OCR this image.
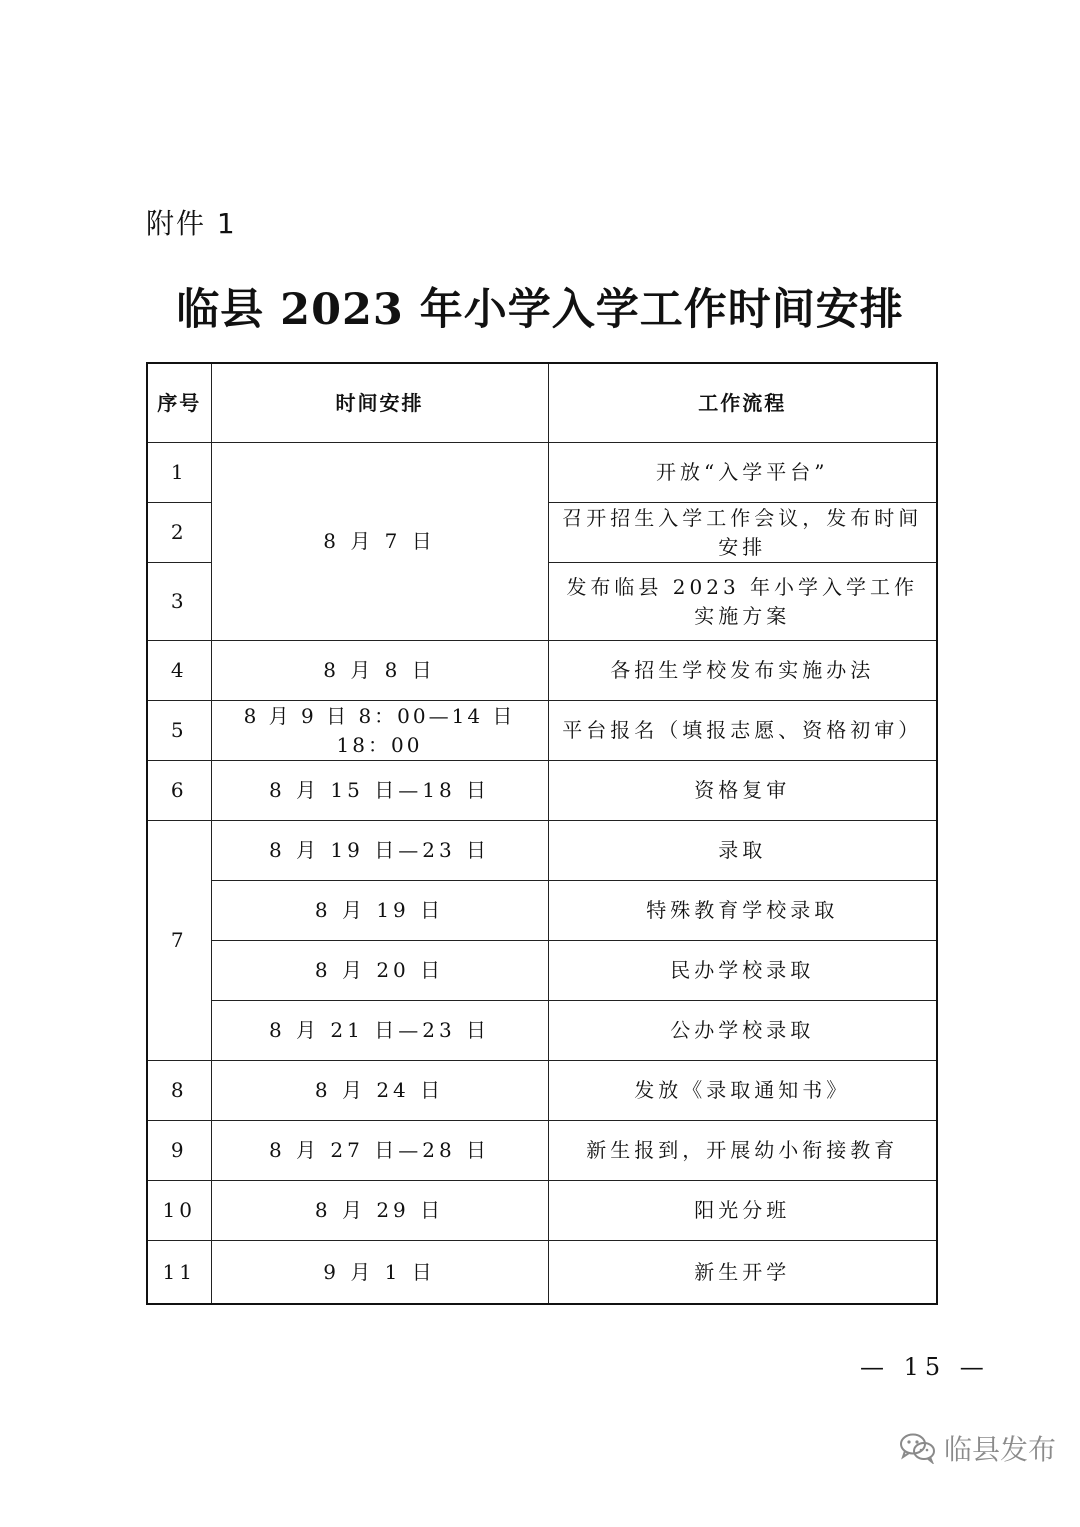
附件 1
临县 2023 年小学入学工作时间安排
序号	时间安排	工作流程
1	8 月 7 日	开放“入学平台”
2		召开招生入学工作会议，发布时间安排
3		发布临县 2023 年小学入学工作实施方案
4	8 月 8 日	各招生学校发布实施办法
5	8 月 9 日 8：00—14 日 18：00	平台报名（填报志愿、资格初审）
6	8 月 15 日—18 日	资格复审
7	8 月 19 日—23 日	录取
	8 月 19 日	特殊教育学校录取
	8 月 20 日	民办学校录取
	8 月 21 日—23 日	公办学校录取
8	8 月 24 日	发放《录取通知书》
9	8 月 27 日—28 日	新生报到，开展幼小衔接教育
10	8 月 29 日	阳光分班
11	9 月 1 日	新生开学
— 15 —
临县发布
